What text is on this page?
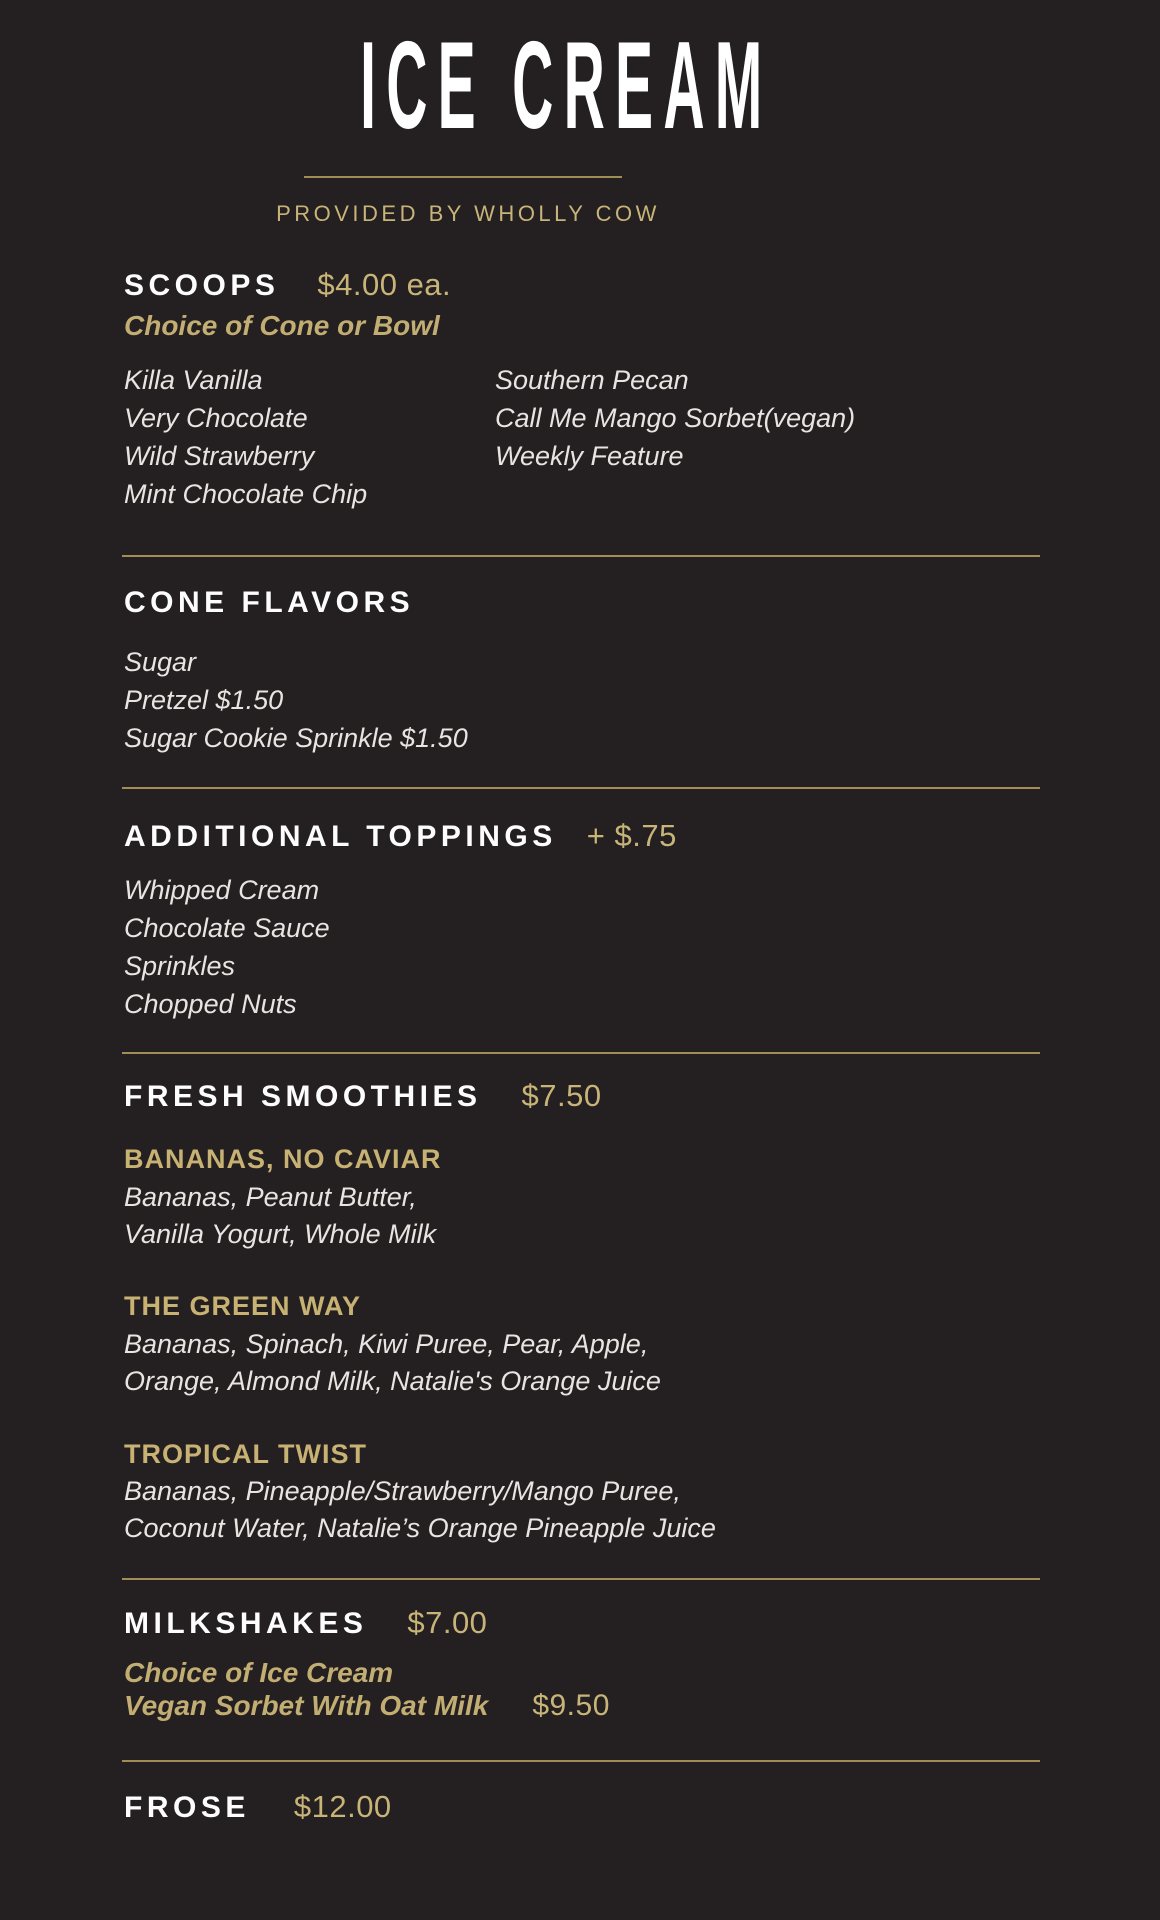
ICE CREAM
PROVIDED BY WHOLLY COW
SCOOPS $4.00 ea.
Choice of Cone or Bowl
Killa Vanilla
Very Chocolate
Wild Strawberry
Mint Chocolate Chip
Southern Pecan
Call Me Mango Sorbet(vegan)
Weekly Feature
CONE FLAVORS
Sugar
Pretzel $1.50
Sugar Cookie Sprinkle $1.50
ADDITIONAL TOPPINGS + $.75
Whipped Cream
Chocolate Sauce
Sprinkles
Chopped Nuts
FRESH SMOOTHIES $7.50
BANANAS, NO CAVIAR
Bananas, Peanut Butter,
Vanilla Yogurt, Whole Milk
THE GREEN WAY
Bananas, Spinach, Kiwi Puree, Pear, Apple,
Orange, Almond Milk, Natalie's Orange Juice
TROPICAL TWIST
Bananas, Pineapple/Strawberry/Mango Puree,
Coconut Water, Natalie’s Orange Pineapple Juice
MILKSHAKES $7.00
Choice of Ice Cream
Vegan Sorbet With Oat Milk $9.50
FROSE $12.00
